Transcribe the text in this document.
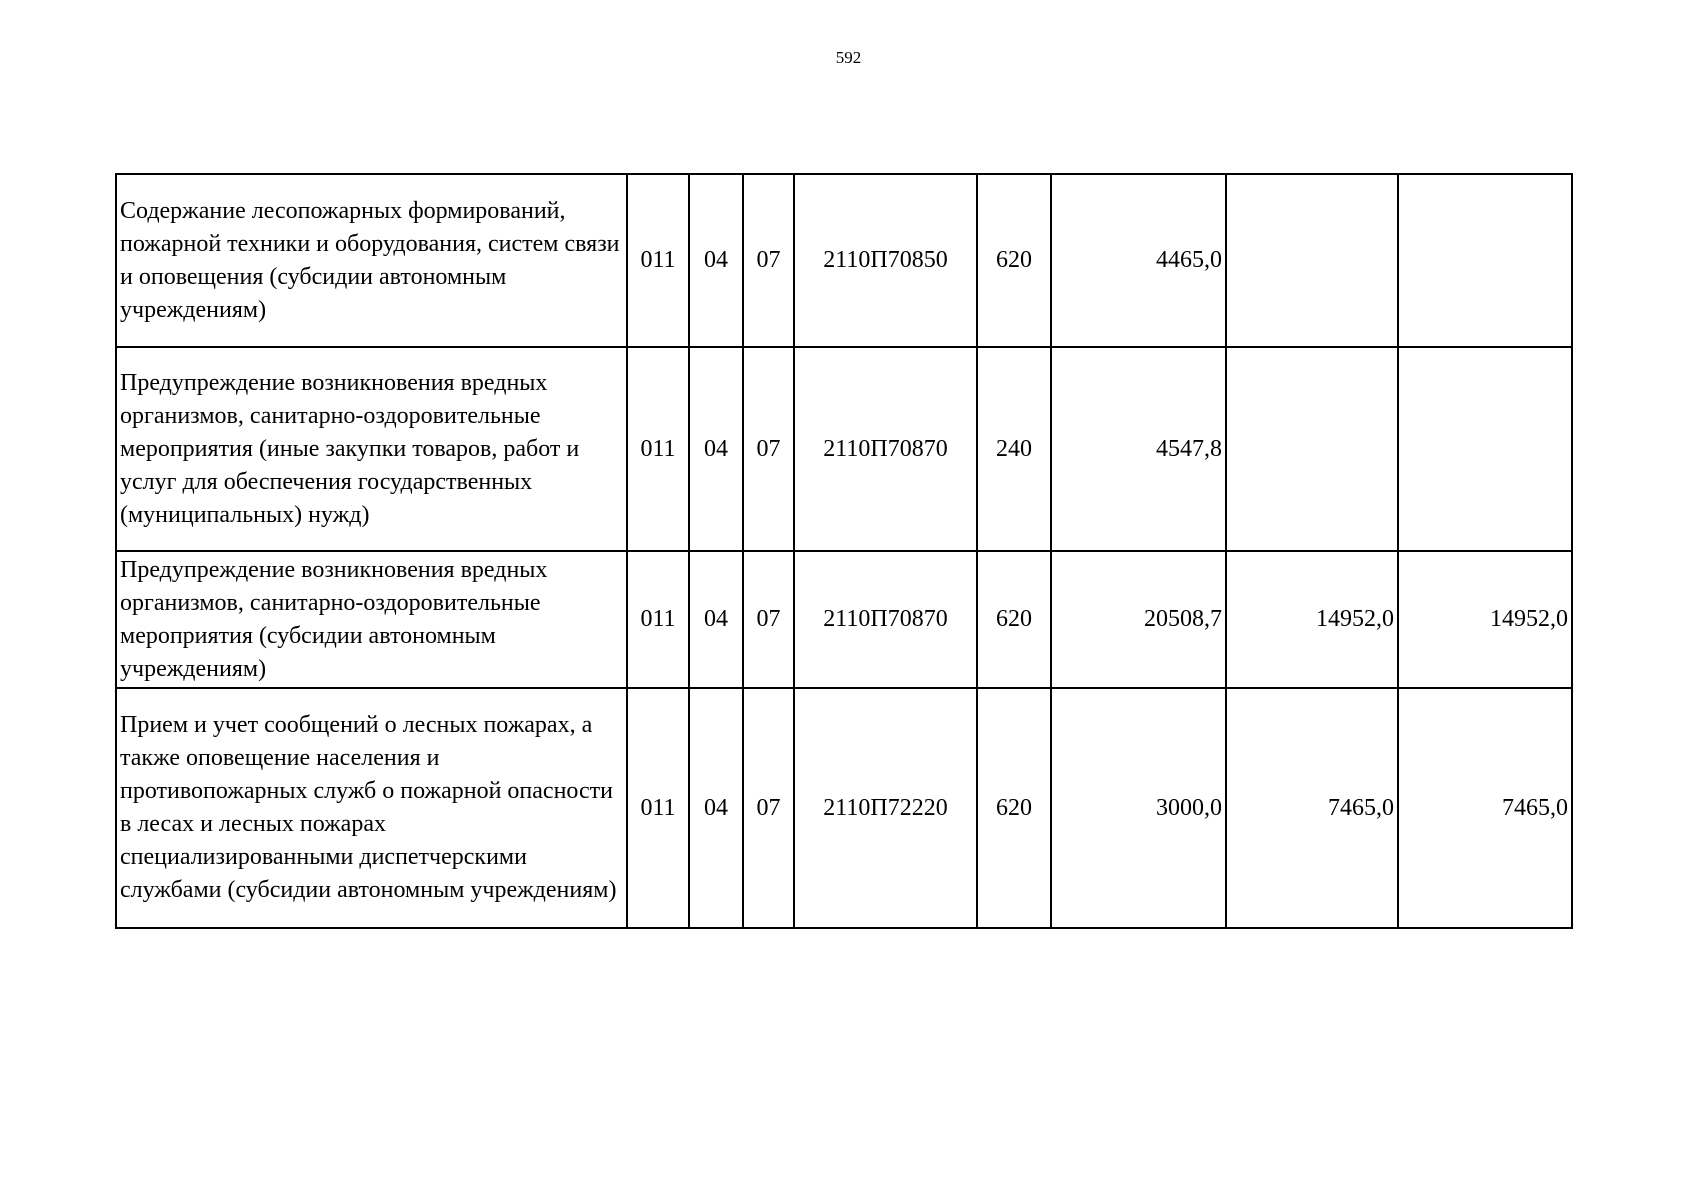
592
Содержание лесопожарных формирований, пожарной техники и оборудования, систем связи и оповещения (субсидии автономным учреждениям)	011	04	07	2110П70850	620	4465,0		
Предупреждение возникновения вредных организмов, санитарно-оздоровительные мероприятия (иные закупки товаров, работ и услуг для обеспечения государственных (муниципальных) нужд)	011	04	07	2110П70870	240	4547,8		
Предупреждение возникновения вредных организмов, санитарно-оздоровительные мероприятия (субсидии автономным учреждениям)	011	04	07	2110П70870	620	20508,7	14952,0	14952,0
Прием и учет сообщений о лесных пожарах, а также оповещение населения и противопожарных служб о пожарной опасности в лесах и лесных пожарах специализированными диспетчерскими службами (субсидии автономным учреждениям)	011	04	07	2110П72220	620	3000,0	7465,0	7465,0
